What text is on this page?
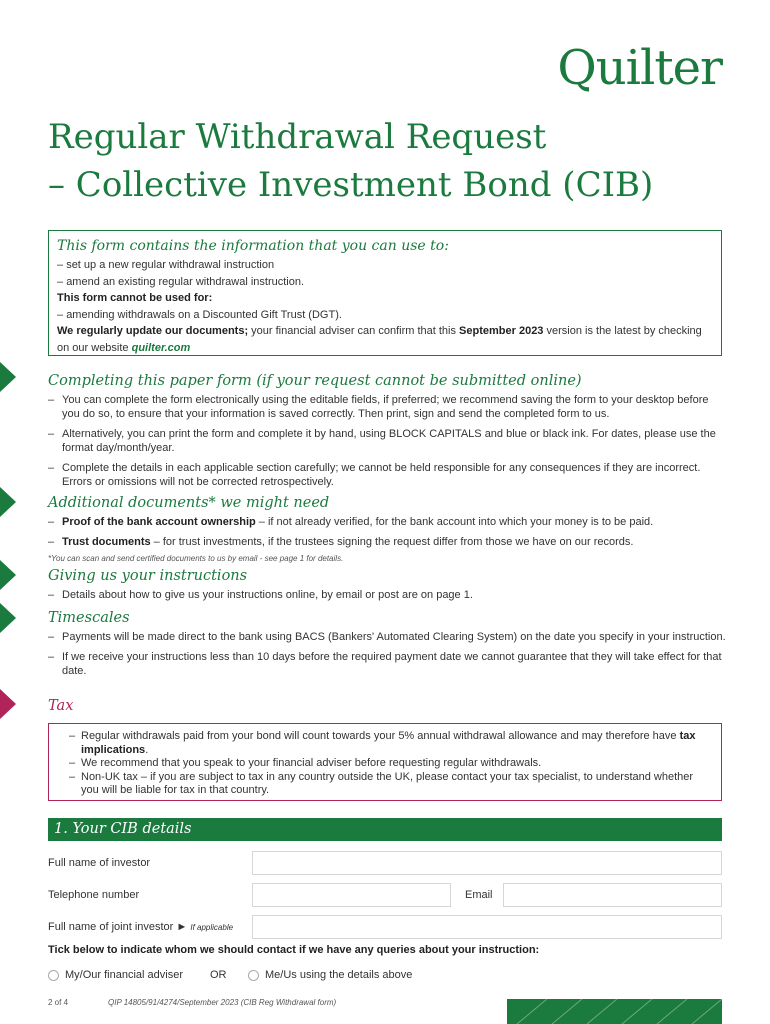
Quilter
Regular Withdrawal Request
– Collective Investment Bond (CIB)
This form contains the information that you can use to:
– set up a new regular withdrawal instruction
– amend an existing regular withdrawal instruction.
This form cannot be used for:
– amending withdrawals on a Discounted Gift Trust (DGT).
We regularly update our documents; your financial adviser can confirm that this September 2023 version is the latest by checking on our website quilter.com
Completing this paper form (if your request cannot be submitted online)
– You can complete the form electronically using the editable fields, if preferred; we recommend saving the form to your desktop before you do so, to ensure that your information is saved correctly. Then print, sign and send the completed form to us.
– Alternatively, you can print the form and complete it by hand, using BLOCK CAPITALS and blue or black ink. For dates, please use the format day/month/year.
– Complete the details in each applicable section carefully; we cannot be held responsible for any consequences if they are incorrect. Errors or omissions will not be corrected retrospectively.
Additional documents* we might need
– Proof of the bank account ownership – if not already verified, for the bank account into which your money is to be paid.
– Trust documents – for trust investments, if the trustees signing the request differ from those we have on our records.
*You can scan and send certified documents to us by email - see page 1 for details.
Giving us your instructions
– Details about how to give us your instructions online, by email or post are on page 1.
Timescales
– Payments will be made direct to the bank using BACS (Bankers' Automated Clearing System) on the date you specify in your instruction.
– If we receive your instructions less than 10 days before the required payment date we cannot guarantee that they will take effect for that date.
Tax
– Regular withdrawals paid from your bond will count towards your 5% annual withdrawal allowance and may therefore have tax implications.
– We recommend that you speak to your financial adviser before requesting regular withdrawals.
– Non-UK tax – if you are subject to tax in any country outside the UK, please contact your tax specialist, to understand whether you will be liable for tax in that country.
1. Your CIB details
Full name of investor
Telephone number	Email
Full name of joint investor ► If applicable
Tick below to indicate whom we should contact if we have any queries about your instruction:
My/Our financial adviser OR	Me/Us using the details above
2 of 4	QIP 14805/91/4274/September 2023 (CIB Reg Withdrawal form)
